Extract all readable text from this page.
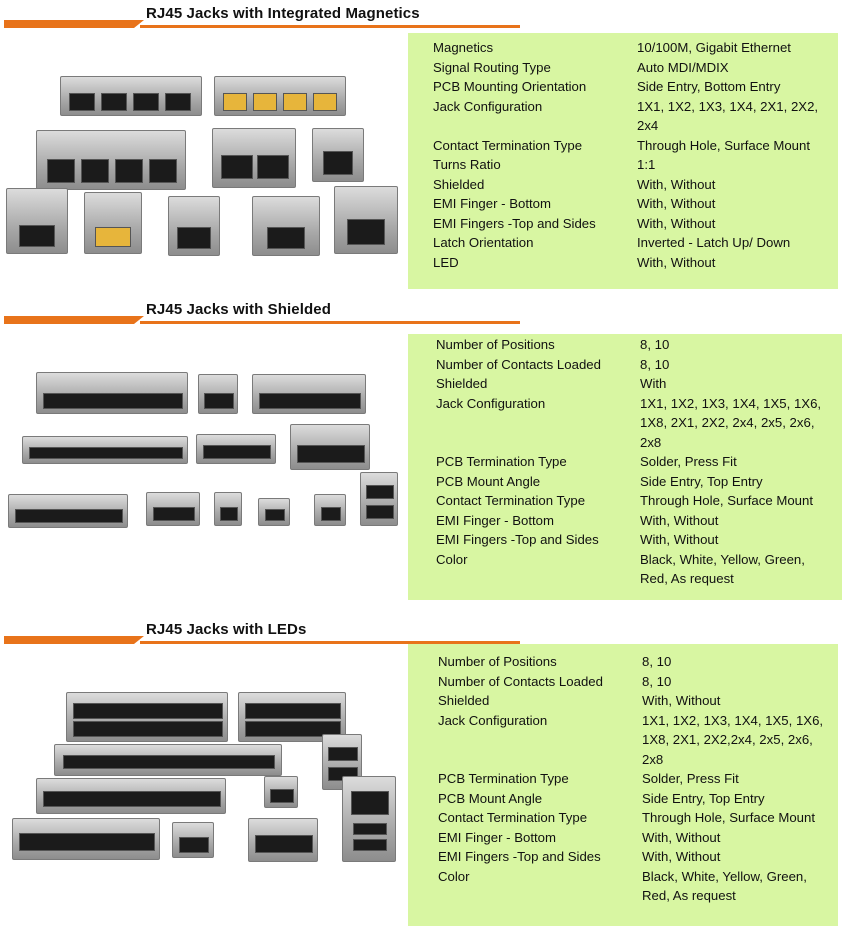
RJ45 Jacks with Integrated Magnetics
Magnetics	10/100M, Gigabit Ethernet
Signal Routing Type	Auto MDI/MDIX
PCB Mounting Orientation	Side Entry, Bottom Entry
Jack Configuration	1X1, 1X2, 1X3, 1X4, 2X1, 2X2, 2x4
Contact Termination Type	Through Hole, Surface Mount
Turns Ratio	1:1
Shielded	With, Without
EMI Finger - Bottom	With, Without
EMI Fingers -Top and Sides	With, Without
Latch Orientation	Inverted - Latch Up/ Down
LED	With, Without
RJ45 Jacks with Shielded
Number of Positions	8, 10
Number of Contacts Loaded	8, 10
Shielded	With
Jack Configuration	1X1, 1X2, 1X3, 1X4, 1X5, 1X6, 1X8, 2X1, 2X2, 2x4, 2x5, 2x6, 2x8
PCB Termination Type	Solder, Press Fit
PCB Mount Angle	Side Entry, Top Entry
Contact Termination Type	Through Hole, Surface Mount
EMI Finger - Bottom	With, Without
EMI Fingers -Top and Sides	With, Without
Color	Black, White, Yellow, Green, Red, As request
RJ45 Jacks with LEDs
Number of Positions	8, 10
Number of Contacts Loaded	8, 10
Shielded	With, Without
Jack Configuration	1X1, 1X2, 1X3, 1X4, 1X5, 1X6, 1X8, 2X1, 2X2,2x4, 2x5, 2x6, 2x8
PCB Termination Type	Solder, Press Fit
PCB Mount Angle	Side Entry, Top Entry
Contact Termination Type	Through Hole, Surface Mount
EMI Finger - Bottom	With, Without
EMI Fingers -Top and Sides	With, Without
Color	Black, White, Yellow, Green, Red, As request
